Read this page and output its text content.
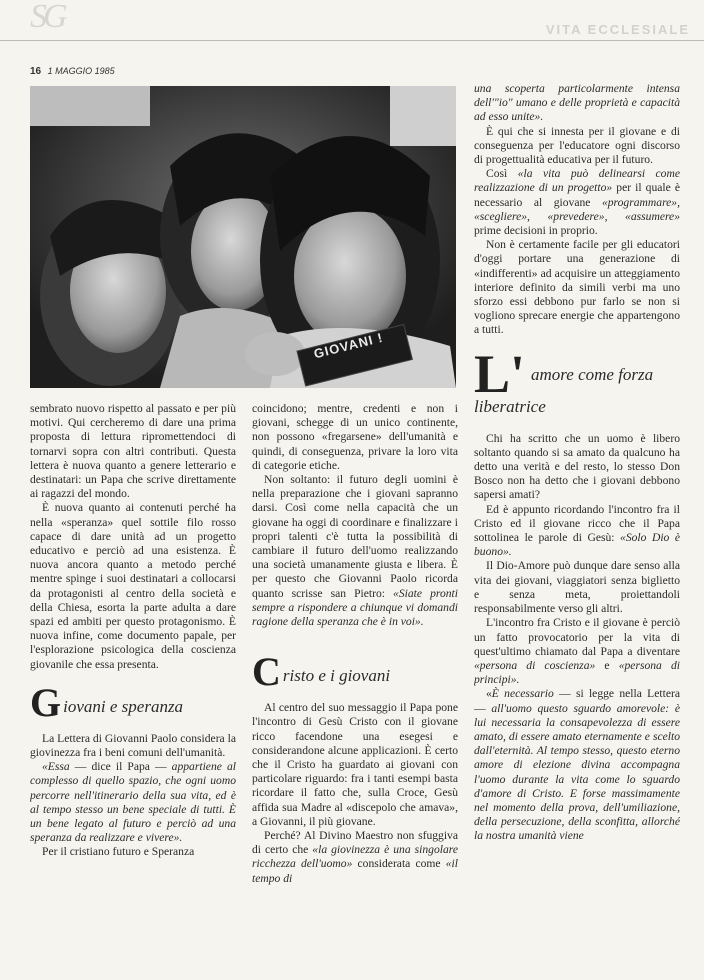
SG	VITA ECCLESIALE
16 1 MAGGIO 1985
GIOVANI !

sembrato nuovo rispetto al passato e per più motivi. Qui cercheremo di dare una prima proposta di lettura ripromettendoci di tornarvi sopra con altri contributi. Questa lettera è nuova quanto a genere letterario e destinatari: un Papa che scrive direttamente ai ragazzi del mondo.

È nuova quanto ai contenuti perché ha nella «speranza» quel sottile filo rosso capace di dare unità ad un progetto educativo e perciò ad una esistenza. È nuova ancora quanto a metodo perché mentre spinge i suoi destinatari a collocarsi da protagonisti al centro della società e della Chiesa, esorta la parte adulta a dare spazi ed ambiti per questo protagonismo. È nuova infine, come documento papale, per l'esplorazione psicologica della coscienza giovanile che essa presenta.

G iovani e speranza

La Lettera di Giovanni Paolo considera la giovinezza fra i beni comuni dell'umanità.

«Essa — dice il Papa — appartiene al complesso di quello spazio, che ogni uomo percorre nell'itinerario della sua vita, ed è al tempo stesso un bene speciale di tutti. È un bene legato al futuro e perciò ad una speranza da realizzare e vivere».

Per il cristiano futuro e Speranza

coincidono; mentre, credenti e non i giovani, schegge di un unico continente, non possono «fregarsene» dell'umanità e quindi, di conseguenza, privare la loro vita di categorie etiche.

Non soltanto: il futuro degli uomini è nella preparazione che i giovani sapranno darsi. Così come nella capacità che un giovane ha oggi di coordinare e finalizzare i propri talenti c'è tutta la possibilità di cambiare il futuro dell'uomo realizzando una società umanamente giusta e libera. È per questo che Giovanni Paolo ricorda quanto scrisse san Pietro: «Siate pronti sempre a rispondere a chiunque vi domandi ragione della speranza che è in voi».

C risto e i giovani

Al centro del suo messaggio il Papa pone l'incontro di Gesù Cristo con il giovane ricco facendone una esegesi e considerandone alcune applicazioni. È certo che il Cristo ha guardato ai giovani con particolare riguardo: fra i tanti esempi basta ricordare il fatto che, sulla Croce, Gesù affida sua Madre al «discepolo che amava», a Giovanni, il più giovane.

Perché? Al Divino Maestro non sfuggiva di certo che «la giovinezza è una singolare ricchezza dell'uomo» considerata come «il tempo di

una scoperta particolarmente intensa dell'"io" umano e delle proprietà e capacità ad esso unite».

È qui che si innesta per il giovane e di conseguenza per l'educatore ogni discorso di progettualità educativa per il futuro.

Così «la vita può delinearsi come realizzazione di un progetto» per il quale è necessario al giovane «programmare», «scegliere», «prevedere», «assumere» prime decisioni in proprio.

Non è certamente facile per gli educatori d'oggi portare una generazione di «indifferenti» ad acquisire un atteggiamento interiore definito da simili verbi ma uno sforzo essi debbono pur farlo se non si vogliono sprecare energie che appartengono a tutti.

L' amore come forza
liberatrice

Chi ha scritto che un uomo è libero soltanto quando si sa amato da qualcuno ha detto una verità e del resto, lo stesso Don Bosco non ha detto che i giovani debbono sapersi amati?

Ed è appunto ricordando l'incontro fra il Cristo ed il giovane ricco che il Papa sottolinea le parole di Gesù: «Solo Dio è buono».

Il Dio-Amore può dunque dare senso alla vita dei giovani, viaggiatori senza biglietto e senza meta, proiettandoli responsabilmente verso gli altri.

L'incontro fra Cristo e il giovane è perciò un fatto provocatorio per la vita di quest'ultimo chiamato dal Papa a diventare «persona di coscienza» e «persona di principi».

«È necessario — si legge nella Lettera — all'uomo questo sguardo amorevole: è lui necessaria la consapevolezza di essere amato, di essere amato eternamente e scelto dall'eternità. Al tempo stesso, questo eterno amore di elezione divina accompagna l'uomo durante la vita come lo sguardo d'amore di Cristo. E forse massimamente nel momento della prova, dell'umiliazione, della persecuzione, della sconfitta, allorché la nostra umanità viene
